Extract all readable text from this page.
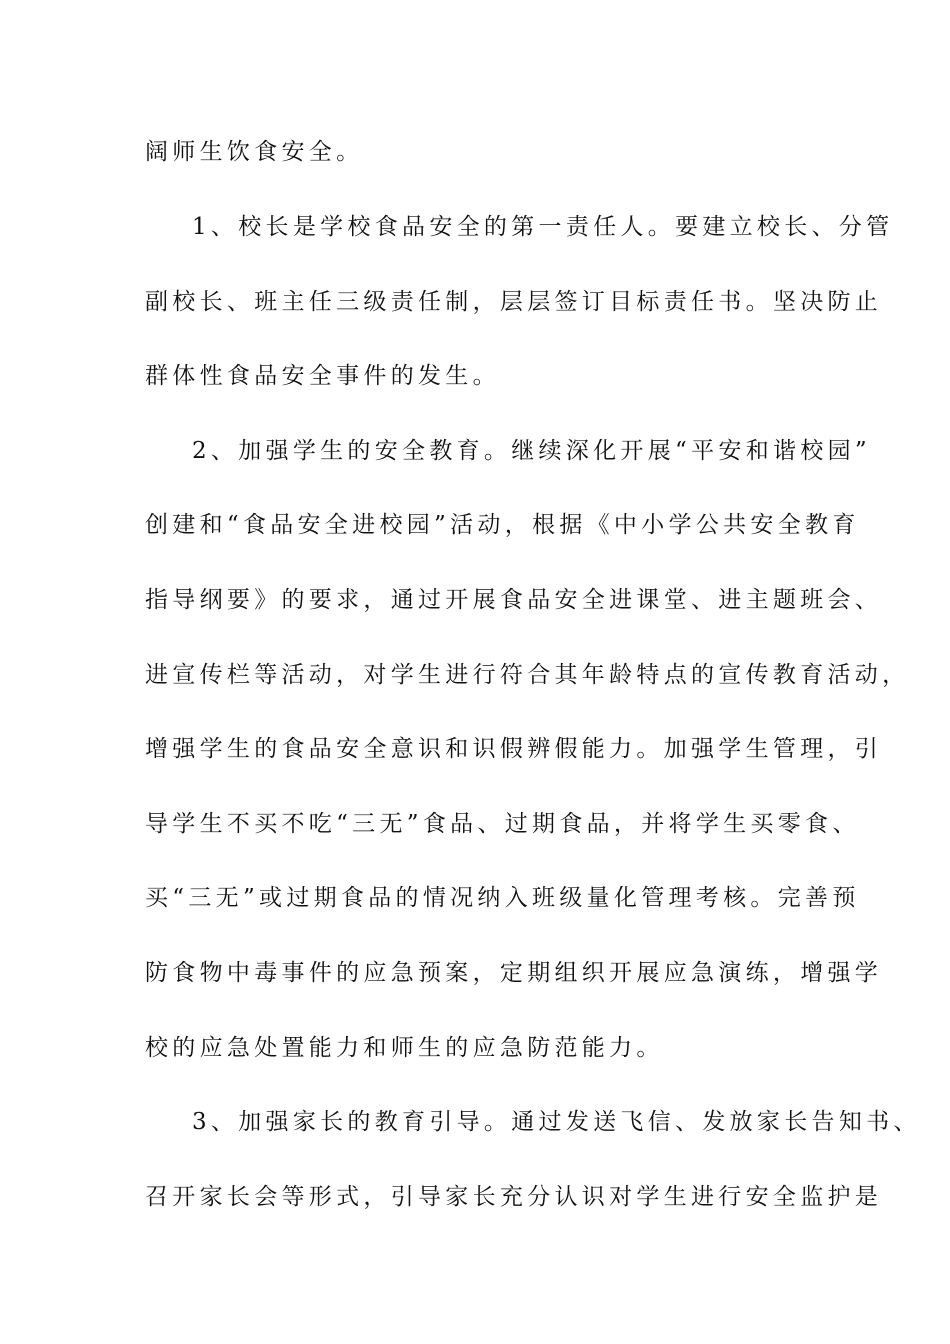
阔师生饮食安全。
1、校长是学校食品安全的第一责任人。要建立校长、分管
副校长、班主任三级责任制，层层签订目标责任书。坚决防止
群体性食品安全事件的发生。
2、加强学生的安全教育。继续深化开展“平安和谐校园”
创建和“食品安全进校园”活动，根据《中小学公共安全教育
指导纲要》的要求，通过开展食品安全进课堂、进主题班会、
进宣传栏等活动，对学生进行符合其年龄特点的宣传教育活动，
增强学生的食品安全意识和识假辨假能力。加强学生管理，引
导学生不买不吃“三无”食品、过期食品，并将学生买零食、
买“三无”或过期食品的情况纳入班级量化管理考核。完善预
防食物中毒事件的应急预案，定期组织开展应急演练，增强学
校的应急处置能力和师生的应急防范能力。
3、加强家长的教育引导。通过发送飞信、发放家长告知书、
召开家长会等形式，引导家长充分认识对学生进行安全监护是
